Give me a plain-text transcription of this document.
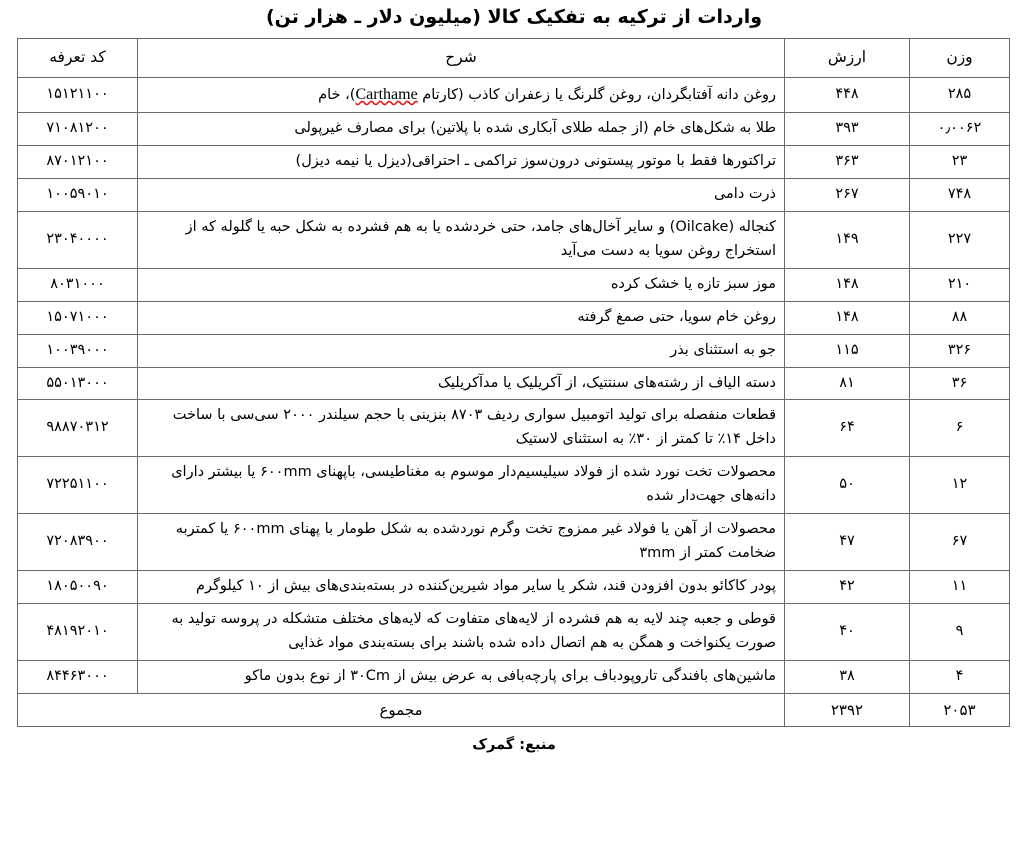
واردات از ترکیه به تفکیک کالا (میلیون دلار ـ هزار تن)
وزن	ارزش	شرح	کد تعرفه
۲۸۵	۴۴۸	روغن دانه آفتابگردان، روغن گلرنگ یا زعفران کاذب (کارتام Carthame)، خام	۱۵۱۲۱۱۰۰
۰٫۰۰۶۲	۳۹۳	طلا به شکل‌های خام (از جمله طلای آبکاری شده با پلاتین) برای مصارف غیرپولی	۷۱۰۸۱۲۰۰
۲۳	۳۶۳	تراکتورها فقط با موتور پیستونی درون‌سوز تراکمی ـ احتراقی(دیزل یا نیمه دیزل)	۸۷۰۱۲۱۰۰
۷۴۸	۲۶۷	ذرت دامی	۱۰۰۵۹۰۱۰
۲۲۷	۱۴۹	کنجاله (Oilcake) و سایر آخال‌های جامد، حتی خردشده یا به هم فشرده به شکل حبه یا گلوله که از استخراج روغن سویا به دست می‌آید	۲۳۰۴۰۰۰۰
۲۱۰	۱۴۸	موز سبز تازه یا خشک کرده	۸۰۳۱۰۰۰
۸۸	۱۴۸	روغن خام سویا، حتی صمغ گرفته	۱۵۰۷۱۰۰۰
۳۲۶	۱۱۵	جو به استثنای بذر	۱۰۰۳۹۰۰۰
۳۶	۸۱	دسته الیاف از رشته‌های سنتتیک، از آکریلیک یا مدآکریلیک	۵۵۰۱۳۰۰۰
۶	۶۴	قطعات منفصله برای تولید اتومبیل سواری ردیف ۸۷۰۳ بنزینی با حجم سیلندر ۲۰۰۰ سی‌سی با ساخت داخل ۱۴٪ تا کمتر از ۳۰٪ به استثنای لاستیک	۹۸۸۷۰۳۱۲
۱۲	۵۰	محصولات تخت نورد شده از فولاد سیلیسیم‌دار موسوم به مغناطیسی، باپهنای ۶۰۰mm یا بیشتر دارای دانه‌های جهت‌دار شده	۷۲۲۵۱۱۰۰
۶۷	۴۷	محصولات از آهن یا فولاد غیر ممزوج تخت وگرم نوردشده به شکل طومار با پهنای ۶۰۰mm یا کمتربه ضخامت کمتر از ۳mm	۷۲۰۸۳۹۰۰
۱۱	۴۲	پودر کاکائو بدون افزودن قند، شکر یا سایر مواد شیرین‌کننده در بسته‌بندی‌های بیش از ۱۰ کیلوگرم	۱۸۰۵۰۰۹۰
۹	۴۰	قوطی و جعبه چند لایه به هم فشرده از لایه‌های متفاوت که لایه‌های مختلف متشکله در پروسه تولید به صورت یکنواخت و همگن به هم اتصال داده شده باشند برای بسته‌بندی مواد غذایی	۴۸۱۹۲۰۱۰
۴	۳۸	ماشین‌های بافندگی تاروپودباف برای پارچه‌بافی به عرض بیش از ۳۰Cm از نوع بدون ماکو	۸۴۴۶۳۰۰۰
۲۰۵۳	۲۳۹۲	مجموع	
منبع: گمرک
